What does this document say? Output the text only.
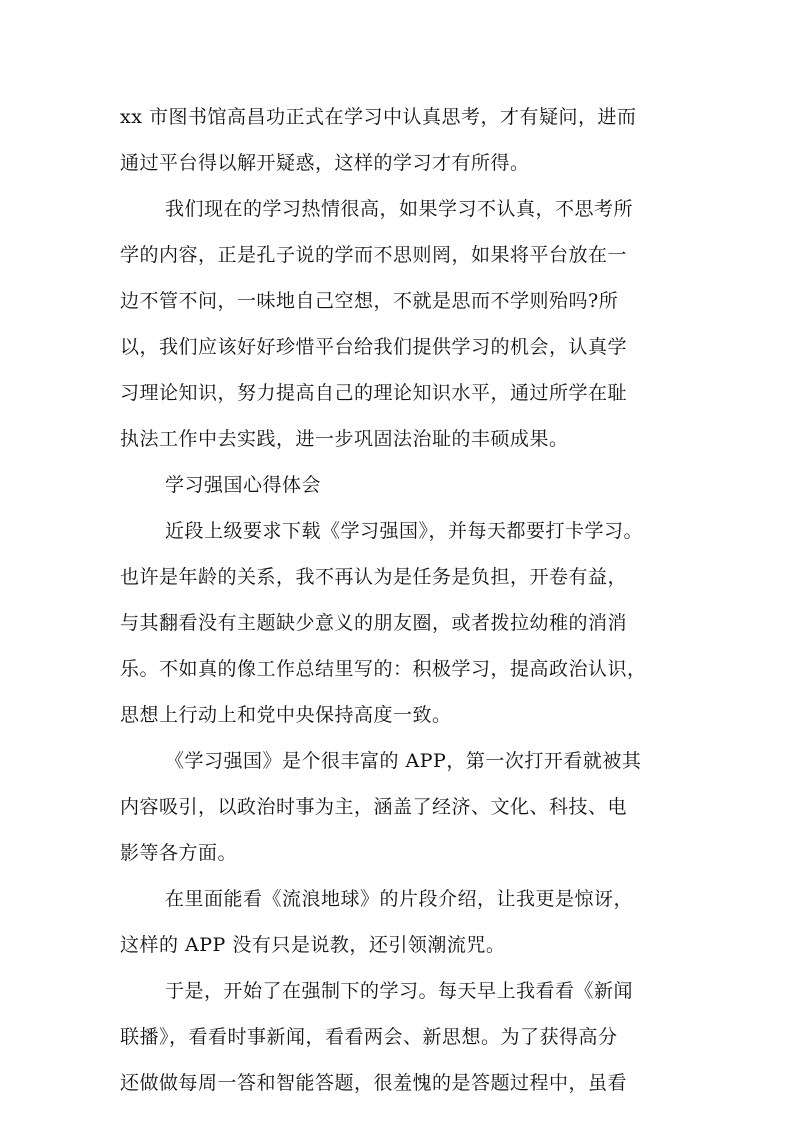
xx 市图书馆高昌功正式在学习中认真思考，才有疑问，进而
通过平台得以解开疑惑，这样的学习才有所得。
我们现在的学习热情很高，如果学习不认真，不思考所
学的内容，正是孔子说的学而不思则罔，如果将平台放在一
边不管不问，一味地自己空想，不就是思而不学则殆吗?所
以，我们应该好好珍惜平台给我们提供学习的机会，认真学
习理论知识，努力提高自己的理论知识水平，通过所学在耻
执法工作中去实践，进一步巩固法治耻的丰硕成果。
学习强国心得体会
近段上级要求下载《学习强国》，并每天都要打卡学习。
也许是年龄的关系，我不再认为是任务是负担，开卷有益，
与其翻看没有主题缺少意义的朋友圈，或者拨拉幼稚的消消
乐。不如真的像工作总结里写的：积极学习，提高政治认识，
思想上行动上和党中央保持高度一致。
《学习强国》是个很丰富的 APP，第一次打开看就被其
内容吸引，以政治时事为主，涵盖了经济、文化、科技、电
影等各方面。
在里面能看《流浪地球》的片段介绍，让我更是惊讶，
这样的 APP 没有只是说教，还引领潮流咒。
于是，开始了在强制下的学习。每天早上我看看《新闻
联播》，看看时事新闻，看看两会、新思想。为了获得高分
还做做每周一答和智能答题，很羞愧的是答题过程中，虽看
